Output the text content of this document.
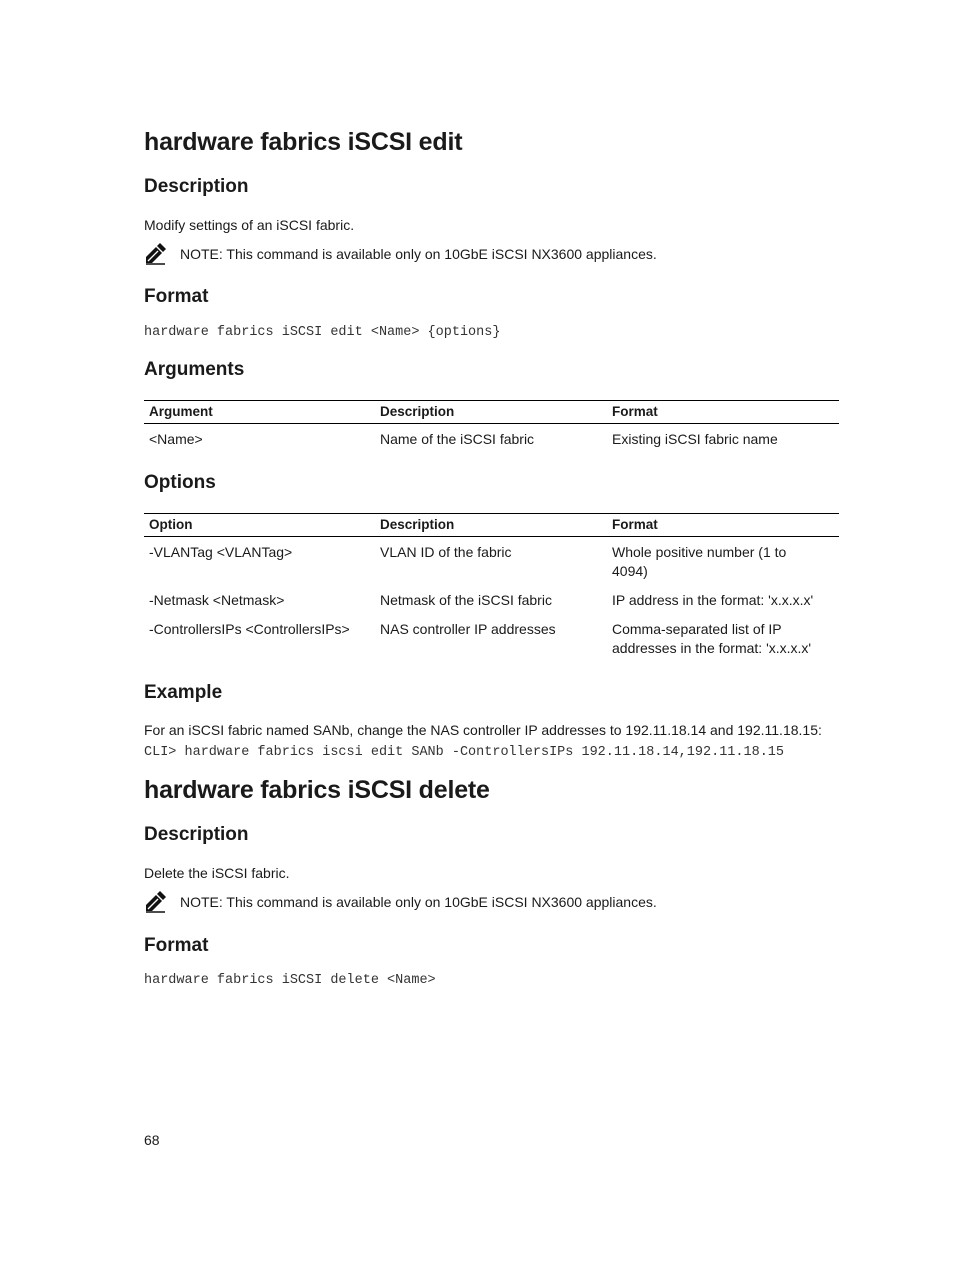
hardware fabrics iSCSI edit
Description
Modify settings of an iSCSI fabric.
NOTE: This command is available only on 10GbE iSCSI NX3600 appliances.
Format
hardware fabrics iSCSI edit <Name> {options}
Arguments
Argument	Description	Format
<Name>	Name of the iSCSI fabric	Existing iSCSI fabric name
Options
Option	Description	Format
-VLANTag <VLANTag>	VLAN ID of the fabric	Whole positive number (1 to 4094)
-Netmask <Netmask>	Netmask of the iSCSI fabric	IP address in the format: 'x.x.x.x'
-ControllersIPs <ControllersIPs>	NAS controller IP addresses	Comma-separated list of IP addresses in the format: 'x.x.x.x'
Example
For an iSCSI fabric named SANb, change the NAS controller IP addresses to 192.11.18.14 and 192.11.18.15:
CLI> hardware fabrics iscsi edit SANb -ControllersIPs 192.11.18.14,192.11.18.15
hardware fabrics iSCSI delete
Description
Delete the iSCSI fabric.
NOTE: This command is available only on 10GbE iSCSI NX3600 appliances.
Format
hardware fabrics iSCSI delete <Name>
68
